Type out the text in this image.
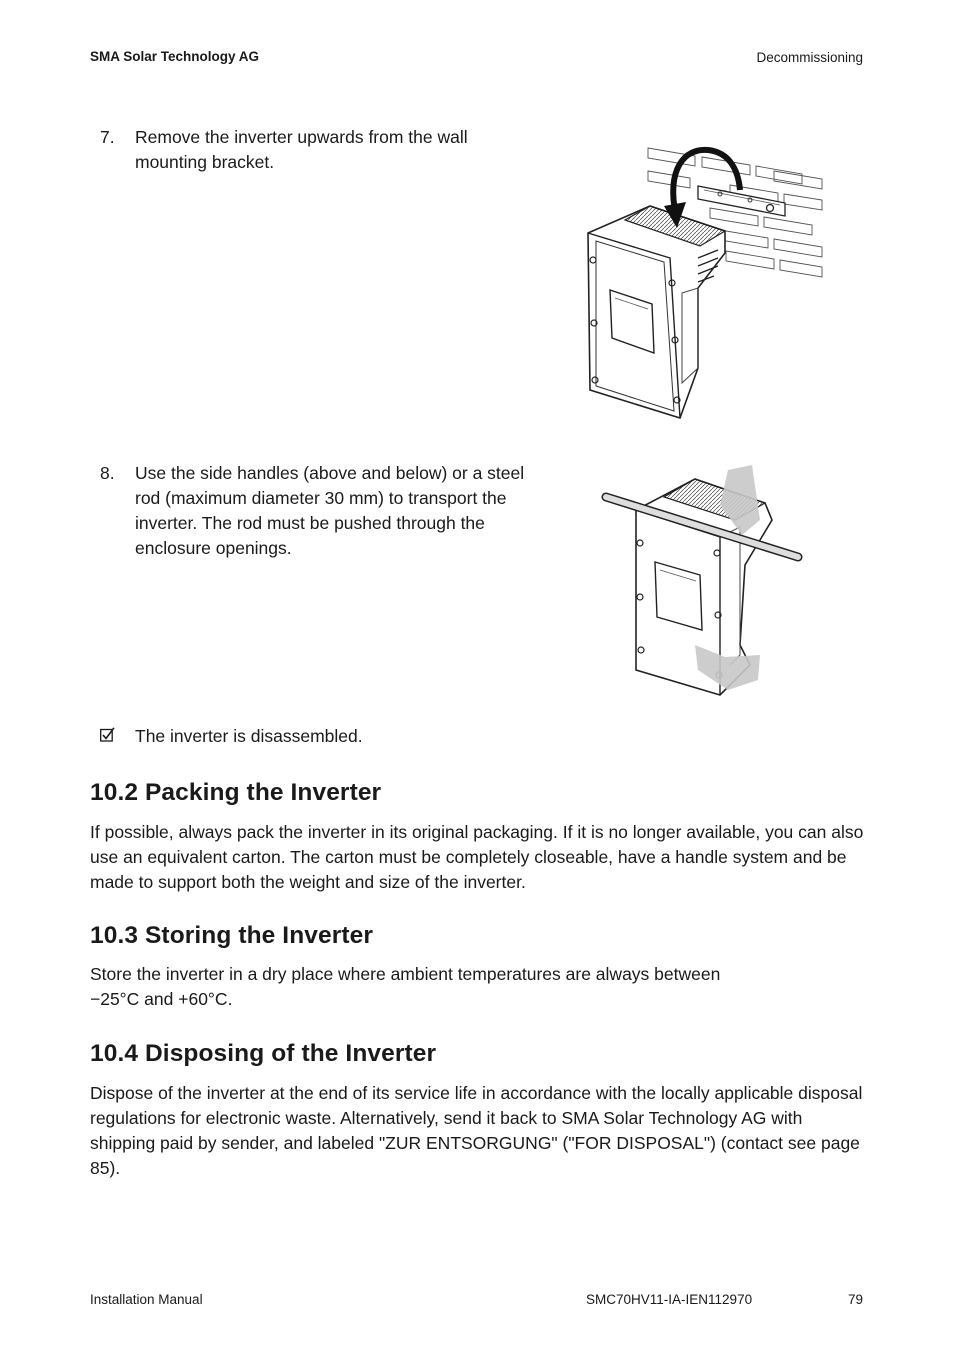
SMA Solar Technology AG	Decommissioning
7. Remove the inverter upwards from the wall
mounting bracket.
8. Use the side handles (above and below) or a steel
rod (maximum diameter 30 mm) to transport the
inverter. The rod must be pushed through the
enclosure openings.
The inverter is disassembled.
10.2 Packing the Inverter
If possible, always pack the inverter in its original packaging. If it is no longer available, you can also
use an equivalent carton. The carton must be completely closeable, have a handle system and be
made to support both the weight and size of the inverter.
10.3 Storing the Inverter
Store the inverter in a dry place where ambient temperatures are always between
−25°C and +60°C.
10.4 Disposing of the Inverter
Dispose of the inverter at the end of its service life in accordance with the locally applicable disposal
regulations for electronic waste. Alternatively, send it back to SMA Solar Technology AG with
shipping paid by sender, and labeled "ZUR ENTSORGUNG" ("FOR DISPOSAL") (contact see page
85).
Installation Manual	SMC70HV11-IA-IEN112970	79
